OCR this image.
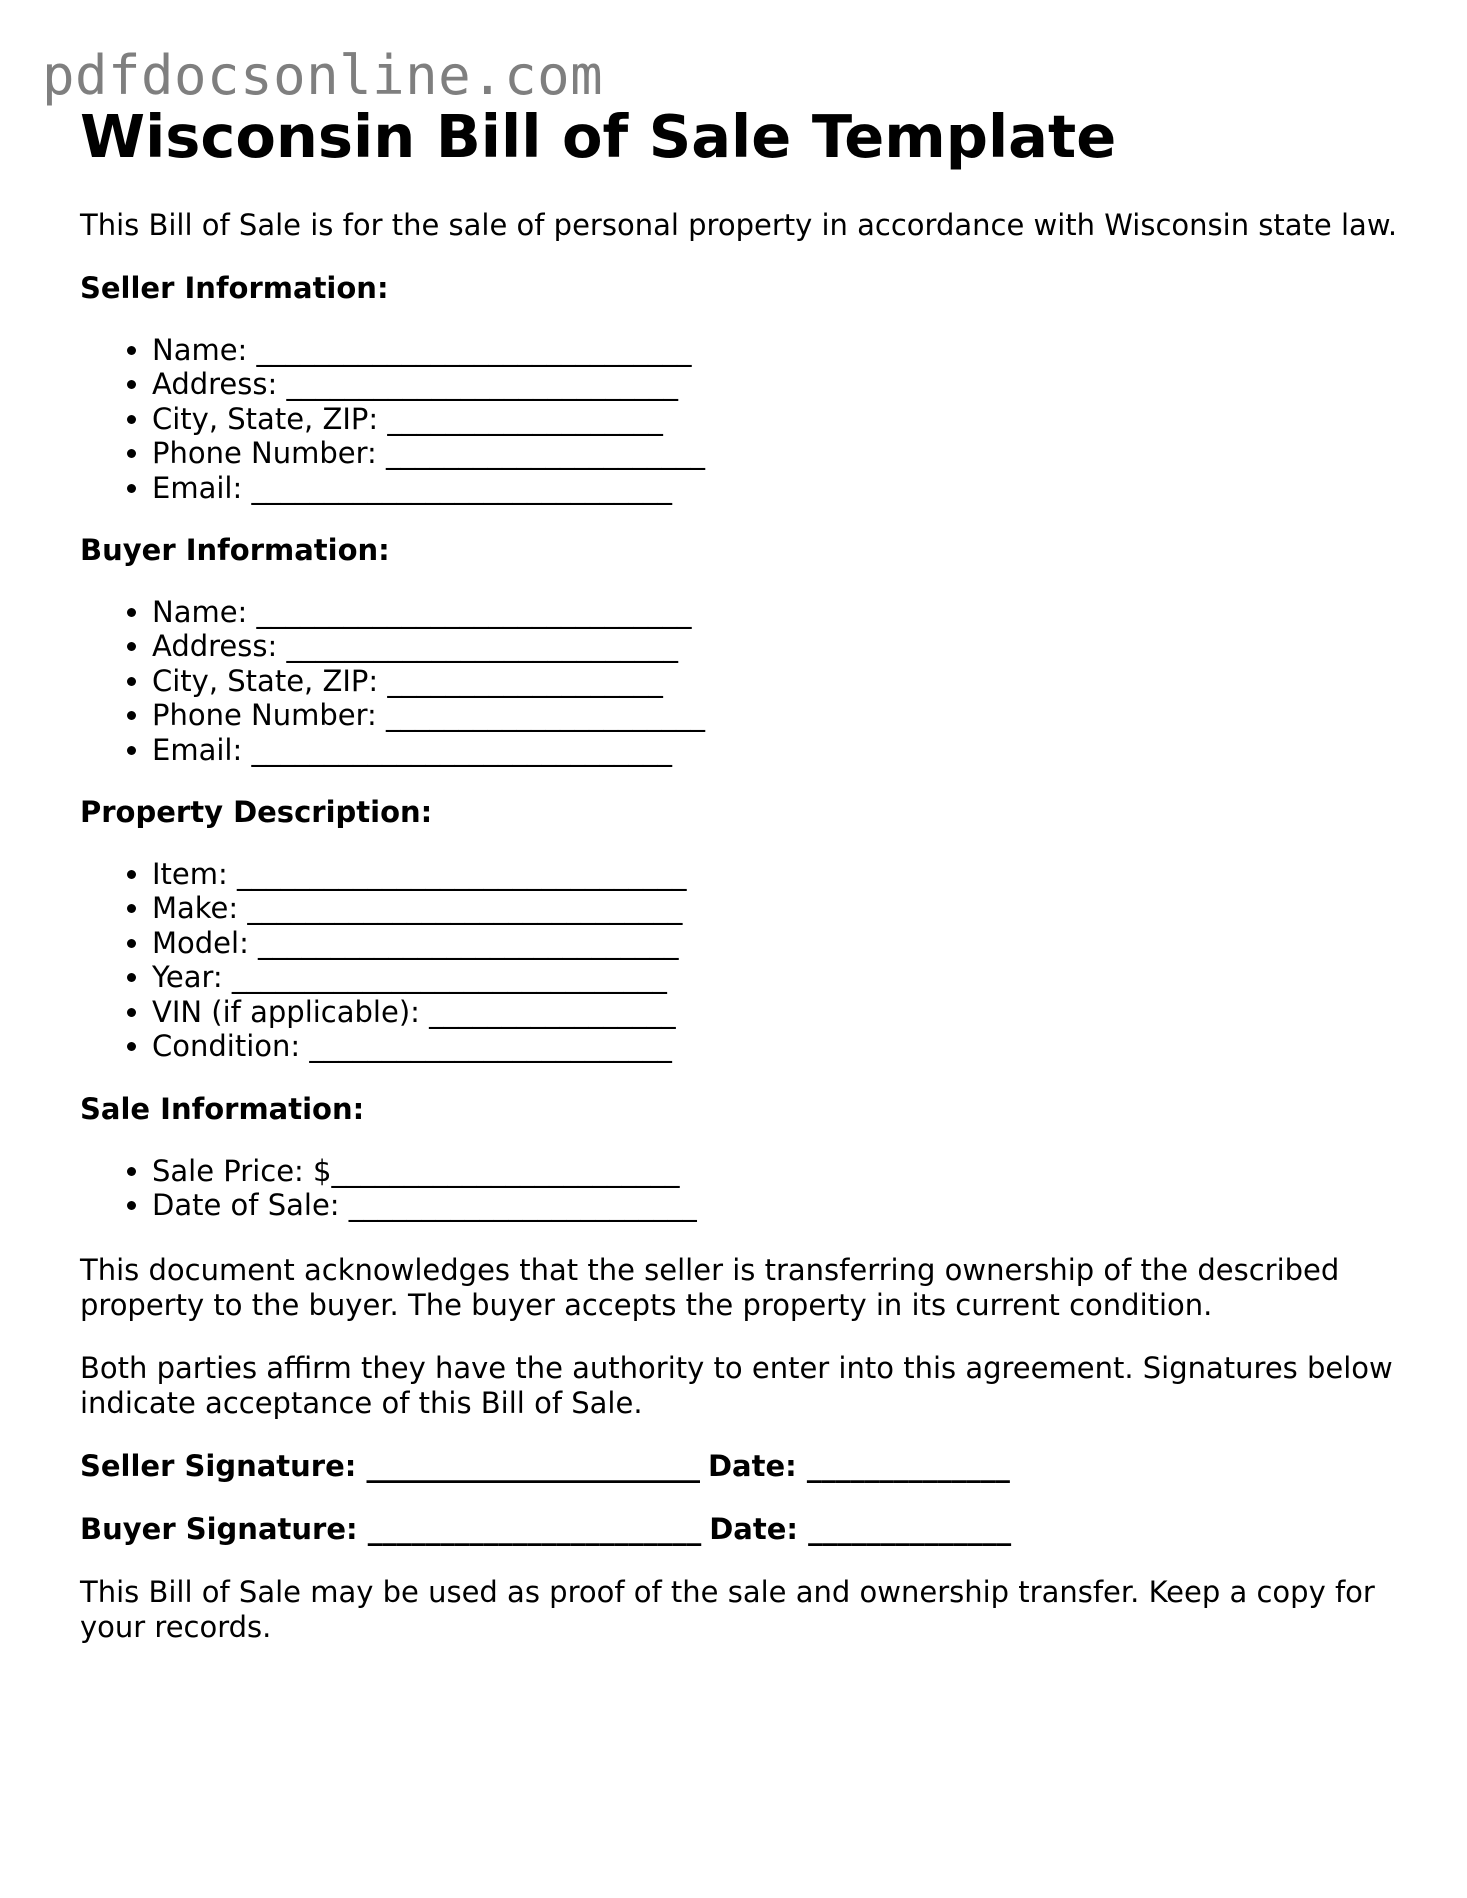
pdfdocsonline.com
Wisconsin Bill of Sale Template

This Bill of Sale is for the sale of personal property in accordance with Wisconsin state law.

Seller Information:
• Name: ______________________________
• Address: ___________________________
• City, State, ZIP: ___________________
• Phone Number: ______________________
• Email: _____________________________
Buyer Information:
• Name: ______________________________
• Address: ___________________________
• City, State, ZIP: ___________________
• Phone Number: ______________________
• Email: _____________________________
Property Description:
• Item: _______________________________
• Make: ______________________________
• Model: _____________________________
• Year: ______________________________
• VIN (if applicable): _________________
• Condition: _________________________
Sale Information:
• Sale Price: $________________________
• Date of Sale: ________________________

This document acknowledges that the seller is transferring ownership of the described property to the buyer. The buyer accepts the property in its current condition.

Both parties affirm they have the authority to enter into this agreement. Signatures below indicate acceptance of this Bill of Sale.

Seller Signature: _______________________ Date: ______________
Buyer Signature: _______________________ Date: ______________

This Bill of Sale may be used as proof of the sale and ownership transfer. Keep a copy for your records.
